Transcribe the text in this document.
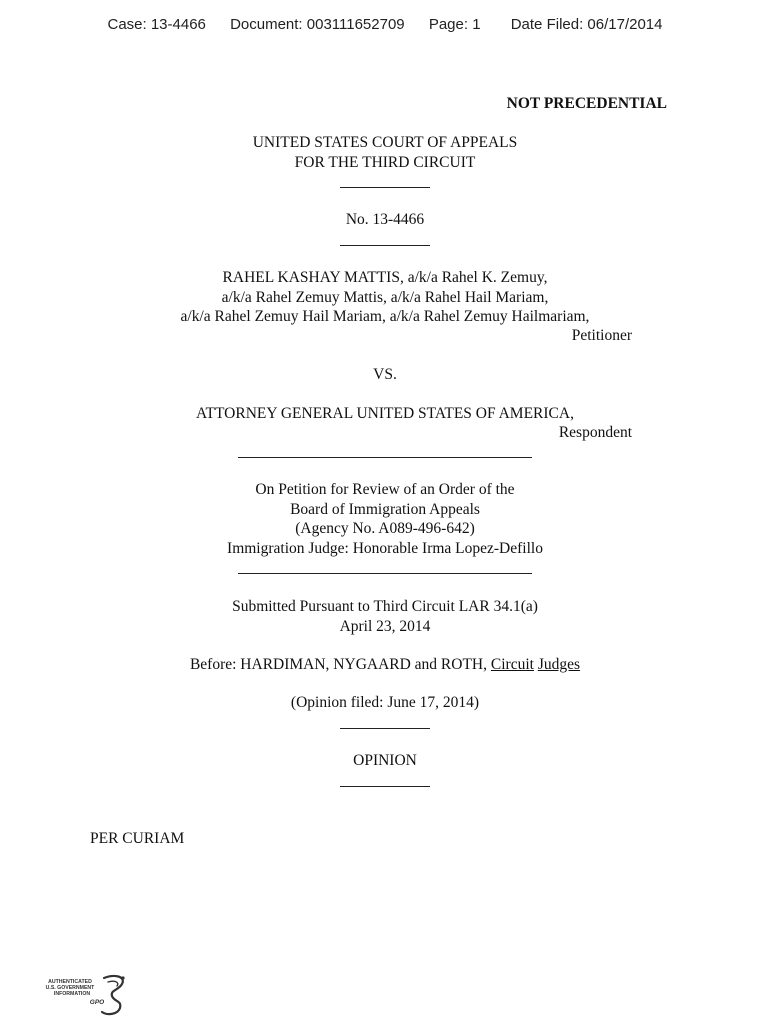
Case: 13-4466 Document: 003111652709 Page: 1 Date Filed: 06/17/2014
NOT PRECEDENTIAL
UNITED STATES COURT OF APPEALS
FOR THE THIRD CIRCUIT
No. 13-4466
RAHEL KASHAY MATTIS, a/k/a Rahel K. Zemuy,
a/k/a Rahel Zemuy Mattis, a/k/a Rahel Hail Mariam,
a/k/a Rahel Zemuy Hail Mariam, a/k/a Rahel Zemuy Hailmariam,
Petitioner
VS.
ATTORNEY GENERAL UNITED STATES OF AMERICA,
Respondent
On Petition for Review of an Order of the
Board of Immigration Appeals
(Agency No. A089-496-642)
Immigration Judge: Honorable Irma Lopez-Defillo
Submitted Pursuant to Third Circuit LAR 34.1(a)
April 23, 2014
Before: HARDIMAN, NYGAARD and ROTH, Circuit Judges
(Opinion filed: June 17, 2014)
OPINION
PER CURIAM
AUTHENTICATED
U.S. GOVERNMENT
INFORMATION
GPO
